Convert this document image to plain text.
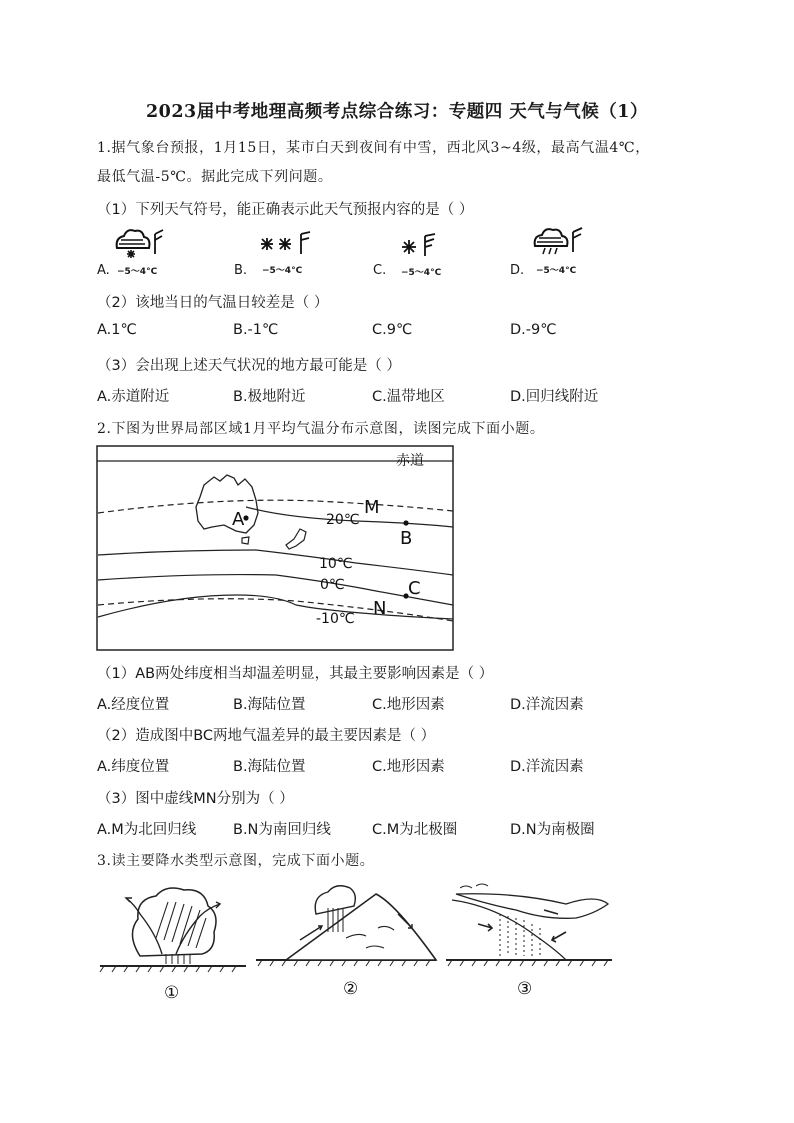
2023届中考地理高频考点综合练习：专题四 天气与气候（1）
1.据气象台预报，1月15日，某市白天到夜间有中雪，西北风3~4级，最高气温4℃，
最低气温-5℃。据此完成下列问题。
（1）下列天气符号，能正确表示此天气预报内容的是（ ）
A. −5～4°C	B. −5～4°C	C. −5～4°C	D. −5～4°C
（2）该地当日的气温日较差是（ ）
A.1℃	B.-1℃	C.9℃	D.-9℃
（3）会出现上述天气状况的地方最可能是（ ）
A.赤道附近	B.极地附近	C.温带地区	D.回归线附近
2.下图为世界局部区域1月平均气温分布示意图，读图完成下面小题。
赤道
20℃
10℃
0℃
-10℃
A
B
C
M
N
（1）AB两处纬度相当却温差明显，其最主要影响因素是（ ）
A.经度位置	B.海陆位置	C.地形因素	D.洋流因素
（2）造成图中BC两地气温差异的最主要因素是（ ）
A.纬度位置	B.海陆位置	C.地形因素	D.洋流因素
（3）图中虚线MN分别为（ ）
A.M为北回归线	B.N为南回归线	C.M为北极圈	D.N为南极圈
3.读主要降水类型示意图，完成下面小题。
①	②	③
